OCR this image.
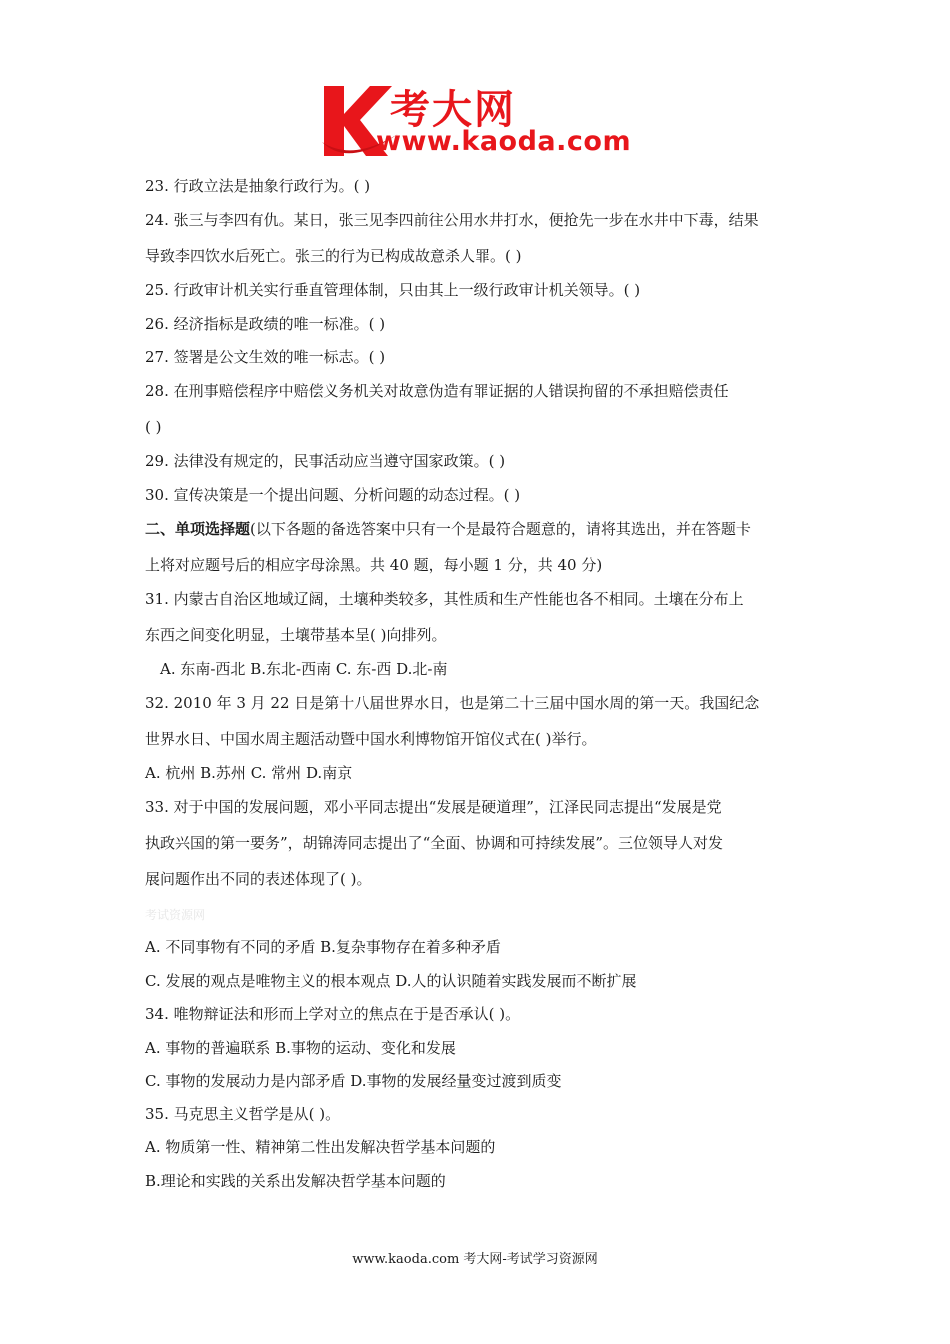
考大网
www.kaoda.com
23. 行政立法是抽象行政行为。( )
24. 张三与李四有仇。某日，张三见李四前往公用水井打水，便抢先一步在水井中下毒，结果
导致李四饮水后死亡。张三的行为已构成故意杀人罪。( )
25. 行政审计机关实行垂直管理体制，只由其上一级行政审计机关领导。( )
26. 经济指标是政绩的唯一标准。( )
27. 签署是公文生效的唯一标志。( )
28. 在刑事赔偿程序中赔偿义务机关对故意伪造有罪证据的人错误拘留的不承担赔偿责任
( )
29. 法律没有规定的，民事活动应当遵守国家政策。( )
30. 宣传决策是一个提出问题、分析问题的动态过程。( )
二、单项选择题(以下各题的备选答案中只有一个是最符合题意的，请将其选出，并在答题卡
上将对应题号后的相应字母涂黑。共 40 题，每小题 1 分，共 40 分)
31. 内蒙古自治区地域辽阔，土壤种类较多，其性质和生产性能也各不相同。土壤在分布上
东西之间变化明显，土壤带基本呈( )向排列。
A. 东南-西北 B.东北-西南 C. 东-西 D.北-南
32. 2010 年 3 月 22 日是第十八届世界水日，也是第二十三届中国水周的第一天。我国纪念
世界水日、中国水周主题活动暨中国水利博物馆开馆仪式在( )举行。
A. 杭州 B.苏州 C. 常州 D.南京
33. 对于中国的发展问题，邓小平同志提出“发展是硬道理”，江泽民同志提出“发展是党
执政兴国的第一要务”，胡锦涛同志提出了“全面、协调和可持续发展”。三位领导人对发
展问题作出不同的表述体现了( )。
考试资源网
A. 不同事物有不同的矛盾 B.复杂事物存在着多种矛盾
C. 发展的观点是唯物主义的根本观点 D.人的认识随着实践发展而不断扩展
34. 唯物辩证法和形而上学对立的焦点在于是否承认( )。
A. 事物的普遍联系 B.事物的运动、变化和发展
C. 事物的发展动力是内部矛盾 D.事物的发展经量变过渡到质变
35. 马克思主义哲学是从( )。
A. 物质第一性、精神第二性出发解决哲学基本问题的
B.理论和实践的关系出发解决哲学基本问题的
www.kaoda.com 考大网-考试学习资源网
